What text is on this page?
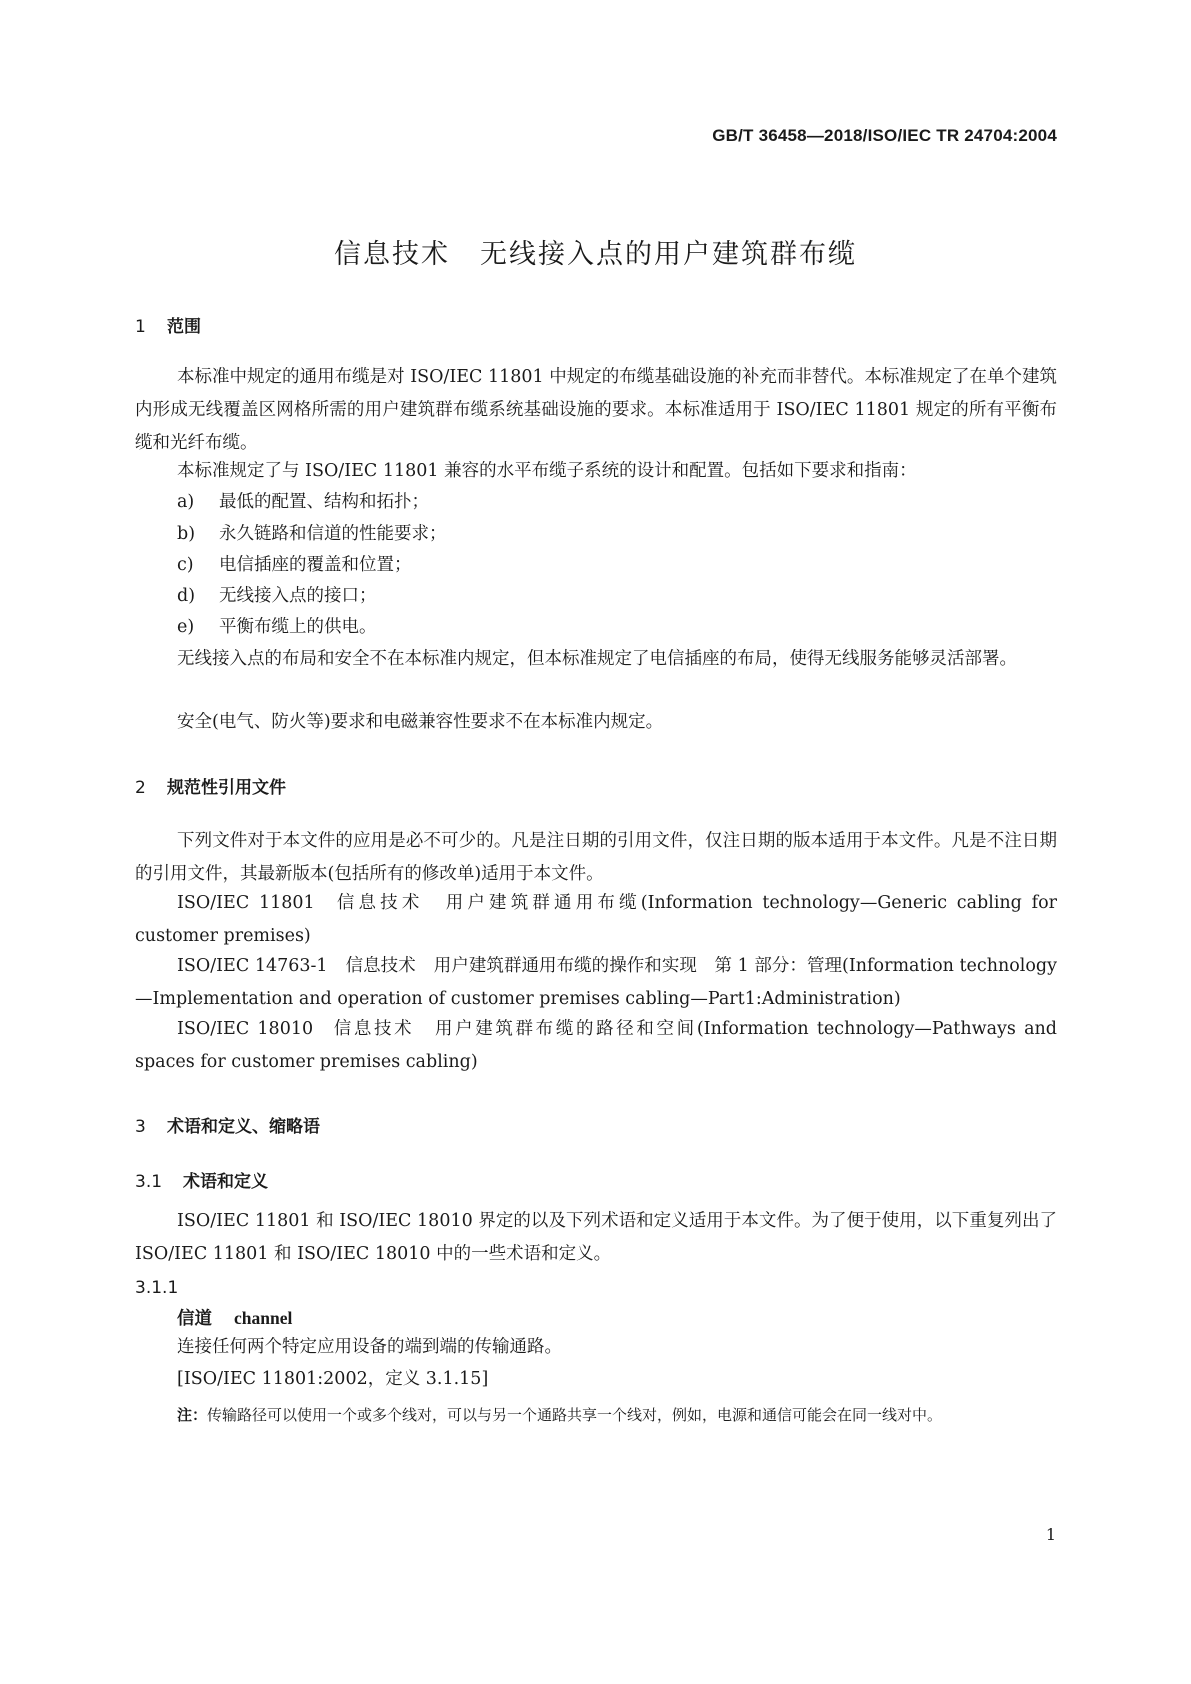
GB/T 36458—2018/ISO/IEC TR 24704:2004
信息技术 无线接入点的用户建筑群布缆
1 范围
本标准中规定的通用布缆是对 ISO/IEC 11801 中规定的布缆基础设施的补充而非替代。本标准规定了在单个建筑内形成无线覆盖区网格所需的用户建筑群布缆系统基础设施的要求。本标准适用于 ISO/IEC 11801 规定的所有平衡布缆和光纤布缆。
本标准规定了与 ISO/IEC 11801 兼容的水平布缆子系统的设计和配置。包括如下要求和指南：
a) 最低的配置、结构和拓扑；
b) 永久链路和信道的性能要求；
c) 电信插座的覆盖和位置；
d) 无线接入点的接口；
e) 平衡布缆上的供电。
无线接入点的布局和安全不在本标准内规定，但本标准规定了电信插座的布局，使得无线服务能够灵活部署。
安全(电气、防火等)要求和电磁兼容性要求不在本标准内规定。
2 规范性引用文件
下列文件对于本文件的应用是必不可少的。凡是注日期的引用文件，仅注日期的版本适用于本文件。凡是不注日期的引用文件，其最新版本(包括所有的修改单)适用于本文件。
ISO/IEC 11801 信息技术 用户建筑群通用布缆(Information technology—Generic cabling for customer premises)
ISO/IEC 14763-1 信息技术 用户建筑群通用布缆的操作和实现　第 1 部分：管理(Information technology—Implementation and operation of customer premises cabling—Part1:Administration)
ISO/IEC 18010 信息技术 用户建筑群布缆的路径和空间(Information technology—Pathways and spaces for customer premises cabling)
3 术语和定义、缩略语
3.1 术语和定义
ISO/IEC 11801 和 ISO/IEC 18010 界定的以及下列术语和定义适用于本文件。为了便于使用，以下重复列出了 ISO/IEC 11801 和 ISO/IEC 18010 中的一些术语和定义。
3.1.1
信道 channel
连接任何两个特定应用设备的端到端的传输通路。
[ISO/IEC 11801:2002，定义 3.1.15]
注：传输路径可以使用一个或多个线对，可以与另一个通路共享一个线对，例如，电源和通信可能会在同一线对中。
1
